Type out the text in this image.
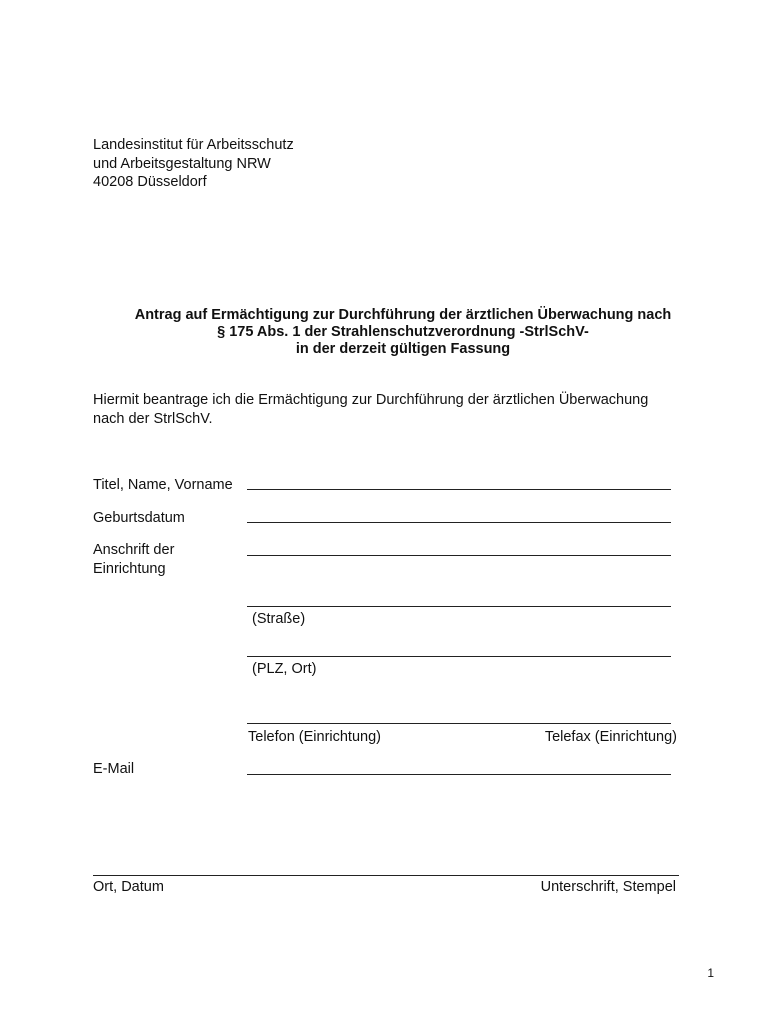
Landesinstitut für Arbeitsschutz
und Arbeitsgestaltung NRW
40208 Düsseldorf
Antrag auf Ermächtigung zur Durchführung der ärztlichen Überwachung nach
§ 175 Abs. 1 der Strahlenschutzverordnung -StrlSchV-
in der derzeit gültigen Fassung
Hiermit beantrage ich die Ermächtigung zur Durchführung der ärztlichen Überwachung
nach der StrlSchV.
Titel, Name, Vorname
Geburtsdatum
Anschrift der
Einrichtung
(Straße)
(PLZ, Ort)
Telefon (Einrichtung)	Telefax (Einrichtung)
E-Mail
Ort, Datum	Unterschrift, Stempel
1
